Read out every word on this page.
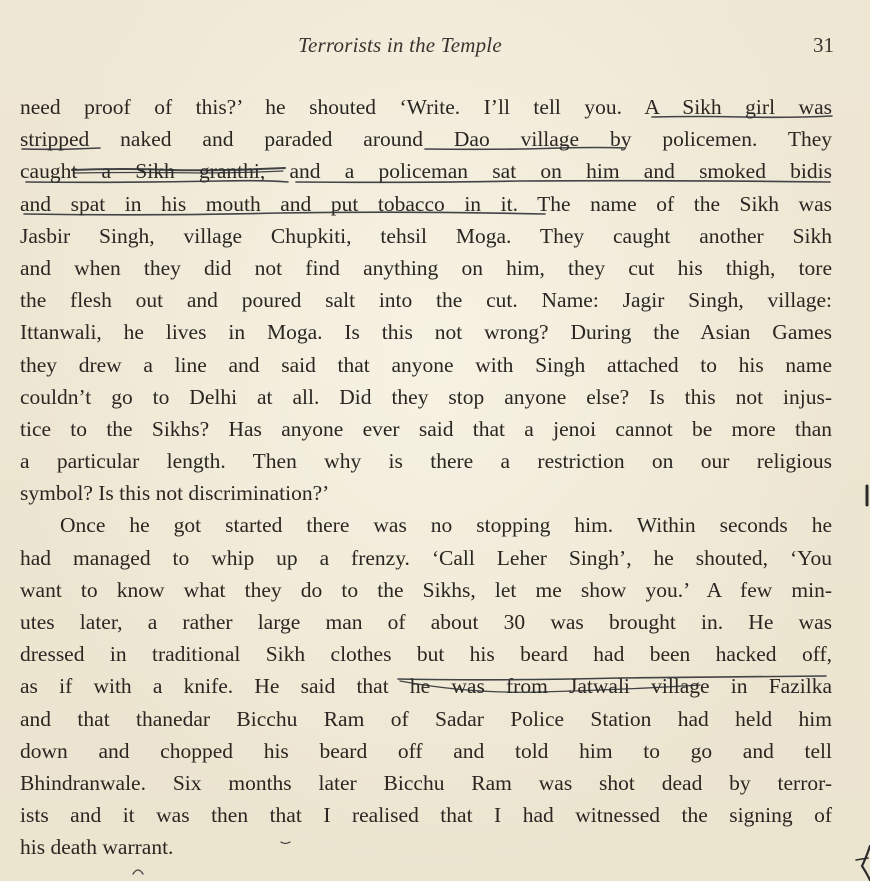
Terrorists in the Temple	31
need proof of this?’ he shouted ‘Write. I’ll tell you. A Sikh girl was
stripped naked and paraded around Dao village by policemen. They
caught a Sikh granthi, and a policeman sat on him and smoked bidis
and spat in his mouth and put tobacco in it. The name of the Sikh was
Jasbir Singh, village Chupkiti, tehsil Moga. They caught another Sikh
and when they did not find anything on him, they cut his thigh, tore
the flesh out and poured salt into the cut. Name: Jagir Singh, village:
Ittanwali, he lives in Moga. Is this not wrong? During the Asian Games
they drew a line and said that anyone with Singh attached to his name
couldn’t go to Delhi at all. Did they stop anyone else? Is this not injus-
tice to the Sikhs? Has anyone ever said that a jenoi cannot be more than
a particular length. Then why is there a restriction on our religious
symbol? Is this not discrimination?’
Once he got started there was no stopping him. Within seconds he
had managed to whip up a frenzy. ‘Call Leher Singh’, he shouted, ‘You
want to know what they do to the Sikhs, let me show you.’ A few min-
utes later, a rather large man of about 30 was brought in. He was
dressed in traditional Sikh clothes but his beard had been hacked off,
as if with a knife. He said that he was from Jatwali village in Fazilka
and that thanedar Bicchu Ram of Sadar Police Station had held him
down and chopped his beard off and told him to go and tell
Bhindranwale. Six months later Bicchu Ram was shot dead by terror-
ists and it was then that I realised that I had witnessed the signing of
his death warrant.
